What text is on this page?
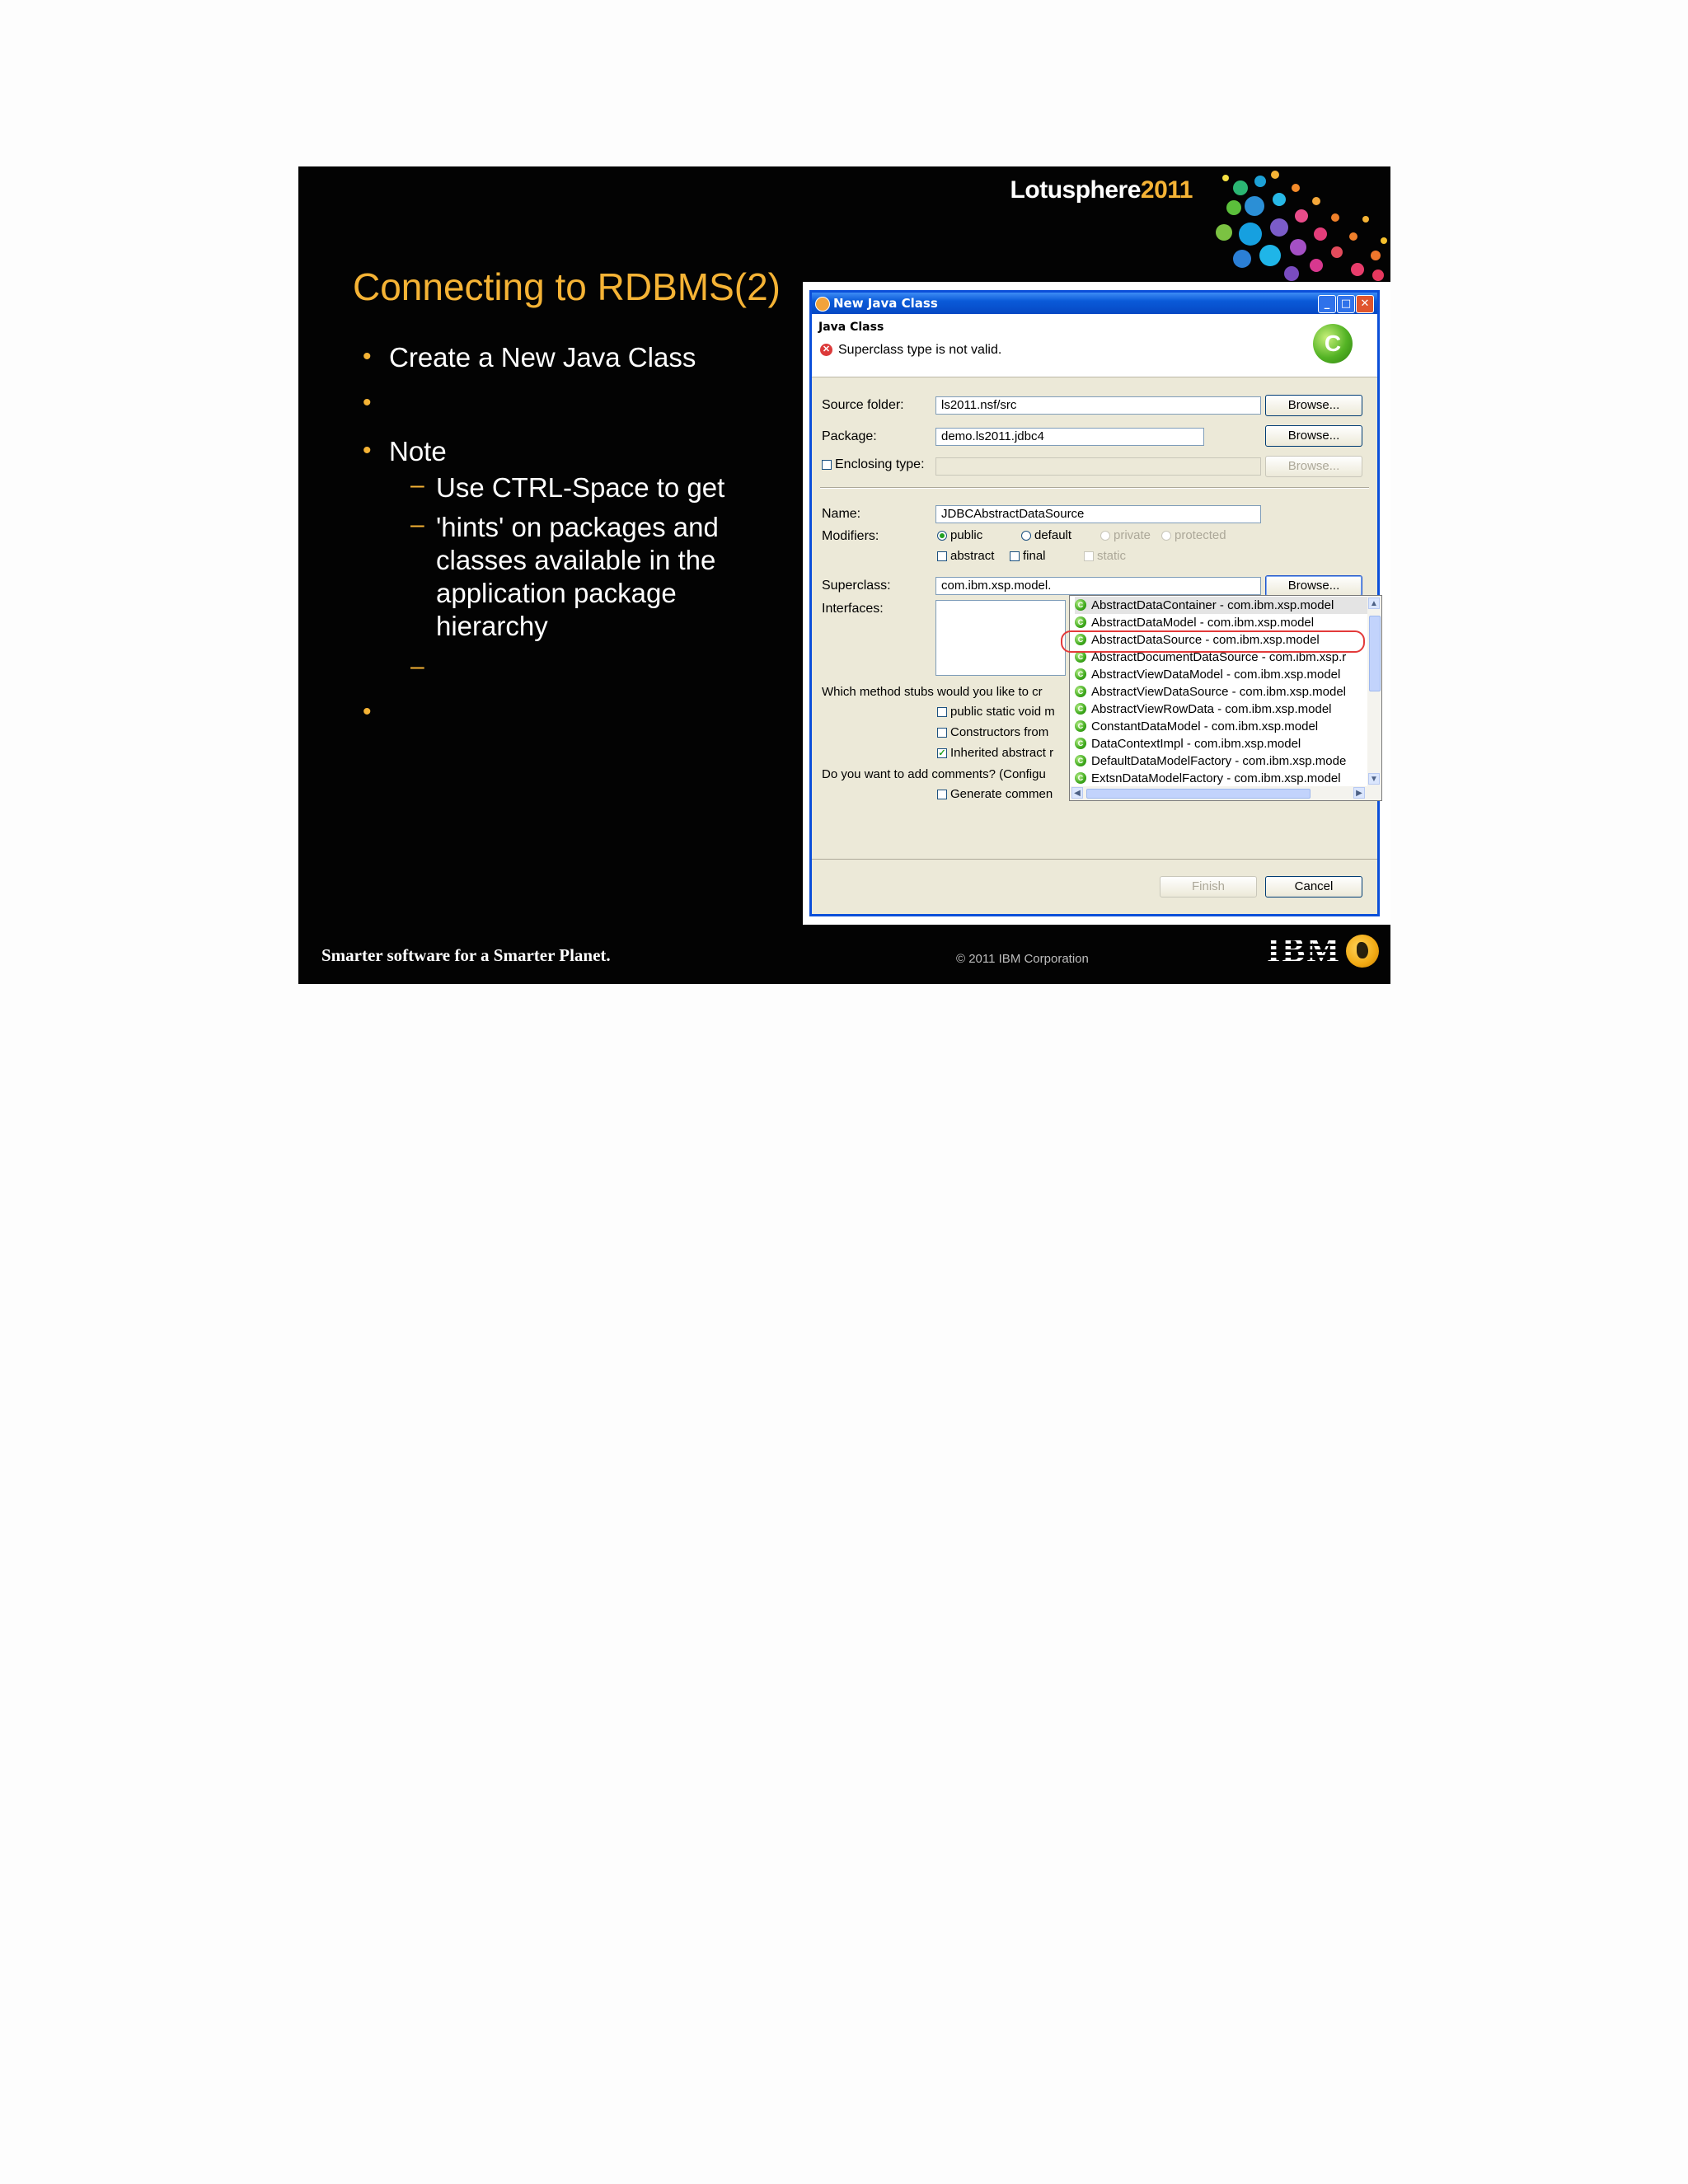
Lotusphere2011
Connecting to RDBMS(2)
• Create a New Java Class
•
• Note
– Use CTRL-Space to get
– 'hints' on packages and classes available in the application package hierarchy
–
•
New Java Class	_	□ ✕
Java Class
✕ Superclass type is not valid.	C
Source folder:	ls2011.nsf/src	Browse...
Package:	demo.ls2011.jdbc4	Browse...
Enclosing type:	Browse...
Name:	JDBCAbstractDataSource
Modifiers:	public	default	private protected
abstract final	static
Superclass:	com.ibm.xsp.model.	Browse...
Interfaces:
Which method stubs would you like to cr
public static void m
Constructors from
✓ Inherited abstract r
Do you want to add comments? (Configu
Generate commen
C AbstractDataContainer - com.ibm.xsp.model
C AbstractDataModel - com.ibm.xsp.model
C AbstractDataSource - com.ibm.xsp.model
C AbstractDocumentDataSource - com.ibm.xsp.r
C AbstractViewDataModel - com.ibm.xsp.model
C AbstractViewDataSource - com.ibm.xsp.model
C AbstractViewRowData - com.ibm.xsp.model
C ConstantDataModel - com.ibm.xsp.model
C DataContextImpl - com.ibm.xsp.model
C DefaultDataModelFactory - com.ibm.xsp.mode
C ExtsnDataModelFactory - com.ibm.xsp.model
▲
▼
◀	▶
Finish	Cancel
Smarter software for a Smarter Planet.	© 2011 IBM Corporation	IBM
